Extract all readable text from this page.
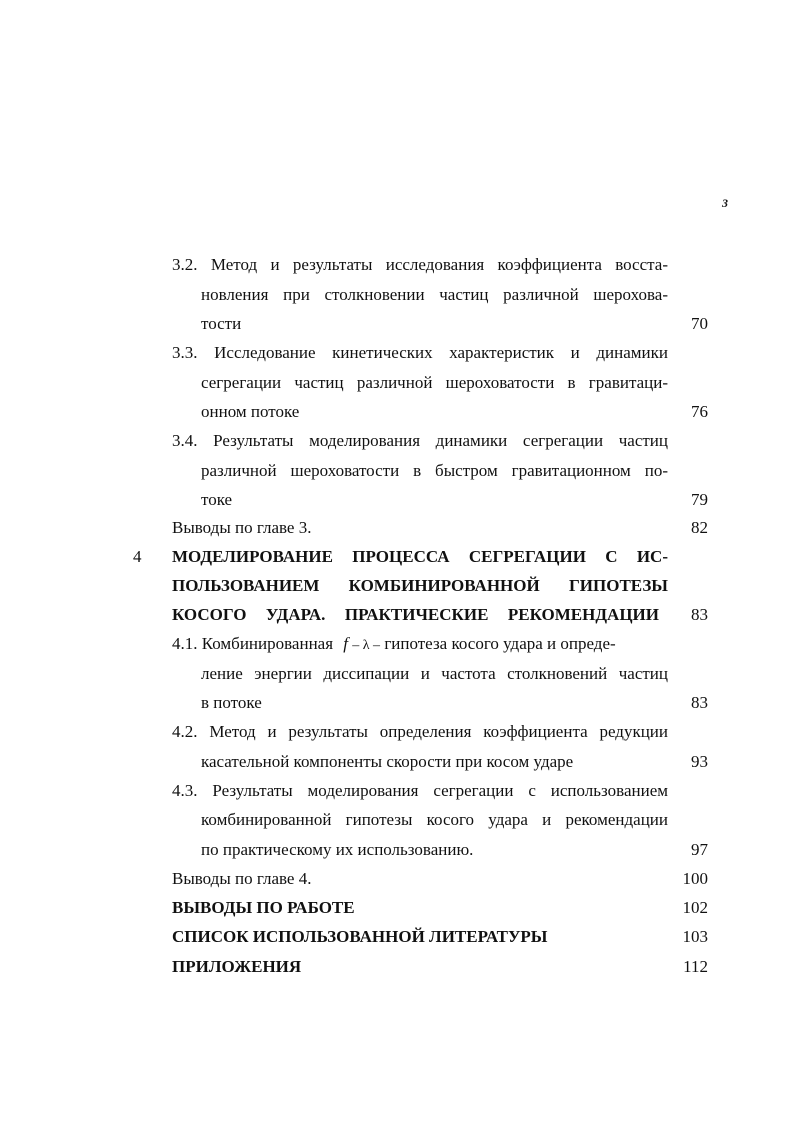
3
3.2. Метод и результаты исследования коэффициента восста-
новления при столкновении частиц различной шерохова-
тости	70
3.3. Исследование кинетических характеристик и динамики
сегрегации частиц различной шероховатости в гравитаци-
онном потоке	76
3.4. Результаты моделирования динамики сегрегации частиц
различной шероховатости в быстром гравитационном по-
токе	79
Выводы по главе 3.	82
4 МОДЕЛИРОВАНИЕ ПРОЦЕССА СЕГРЕГАЦИИ С ИС-
ПОЛЬЗОВАНИЕМ КОМБИНИРОВАННОЙ ГИПОТЕЗЫ
КОСОГО УДАРА. ПРАКТИЧЕСКИЕ РЕКОМЕНДАЦИИ	83
4.1. Комбинированная f – λ – гипотеза косого удара и опреде-
ление энергии диссипации и частота столкновений частиц
в потоке	83
4.2. Метод и результаты определения коэффициента редукции
касательной компоненты скорости при косом ударе	93
4.3. Результаты моделирования сегрегации с использованием
комбинированной гипотезы косого удара и рекомендации
по практическому их использованию.	97
Выводы по главе 4.	100
ВЫВОДЫ ПО РАБОТЕ	102
СПИСОК ИСПОЛЬЗОВАННОЙ ЛИТЕРАТУРЫ	103
ПРИЛОЖЕНИЯ	112
